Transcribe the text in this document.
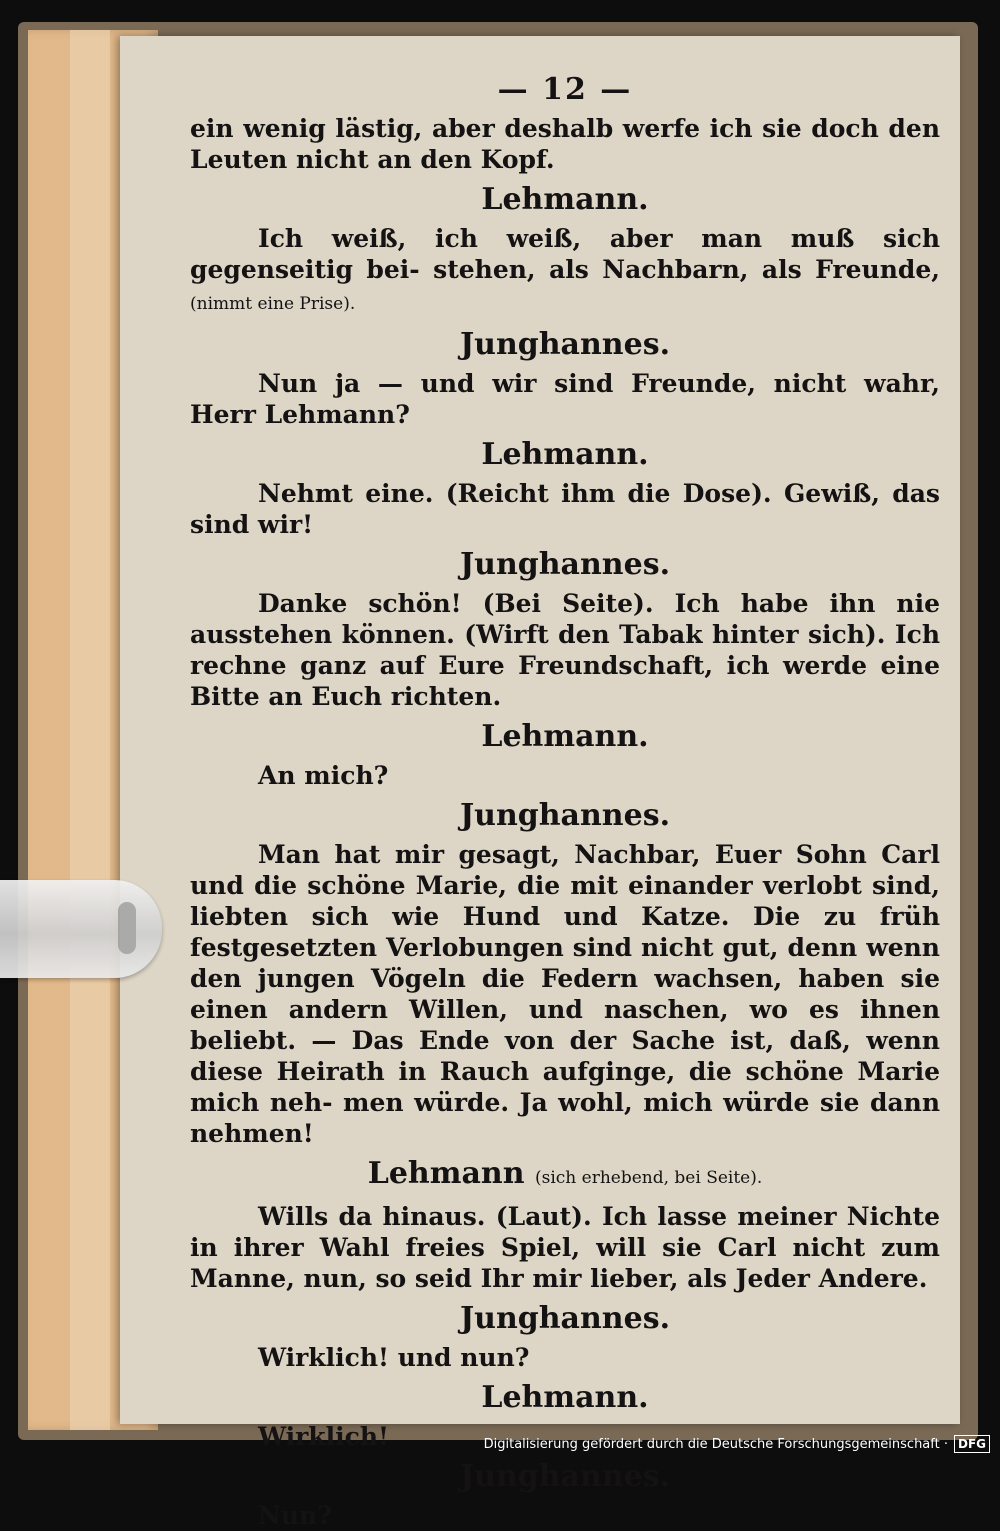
— 12 —
ein wenig lästig, aber deshalb werfe ich sie doch den Leuten nicht an den Kopf.
Lehmann.
Ich weiß, ich weiß, aber man muß sich gegenseitig bei- stehen, als Nachbarn, als Freunde, (nimmt eine Prise).
Junghannes.
Nun ja — und wir sind Freunde, nicht wahr, Herr Lehmann?
Lehmann.
Nehmt eine. (Reicht ihm die Dose). Gewiß, das sind wir!
Junghannes.
Danke schön! (Bei Seite). Ich habe ihn nie ausstehen können. (Wirft den Tabak hinter sich). Ich rechne ganz auf Eure Freundschaft, ich werde eine Bitte an Euch richten.
Lehmann.
An mich?
Junghannes.
Man hat mir gesagt, Nachbar, Euer Sohn Carl und die schöne Marie, die mit einander verlobt sind, liebten sich wie Hund und Katze. Die zu früh festgesetzten Verlobungen sind nicht gut, denn wenn den jungen Vögeln die Federn wachsen, haben sie einen andern Willen, und naschen, wo es ihnen beliebt. — Das Ende von der Sache ist, daß, wenn diese Heirath in Rauch aufginge, die schöne Marie mich neh- men würde. Ja wohl, mich würde sie dann nehmen!
Lehmann (sich erhebend, bei Seite).
Wills da hinaus. (Laut). Ich lasse meiner Nichte in ihrer Wahl freies Spiel, will sie Carl nicht zum Manne, nun, so seid Ihr mir lieber, als Jeder Andere.
Junghannes.
Wirklich! und nun?
Lehmann.
Wirklich!
Junghannes.
Nun?
Digitalisierung gefördert durch die Deutsche Forschungsgemeinschaft · DFG
